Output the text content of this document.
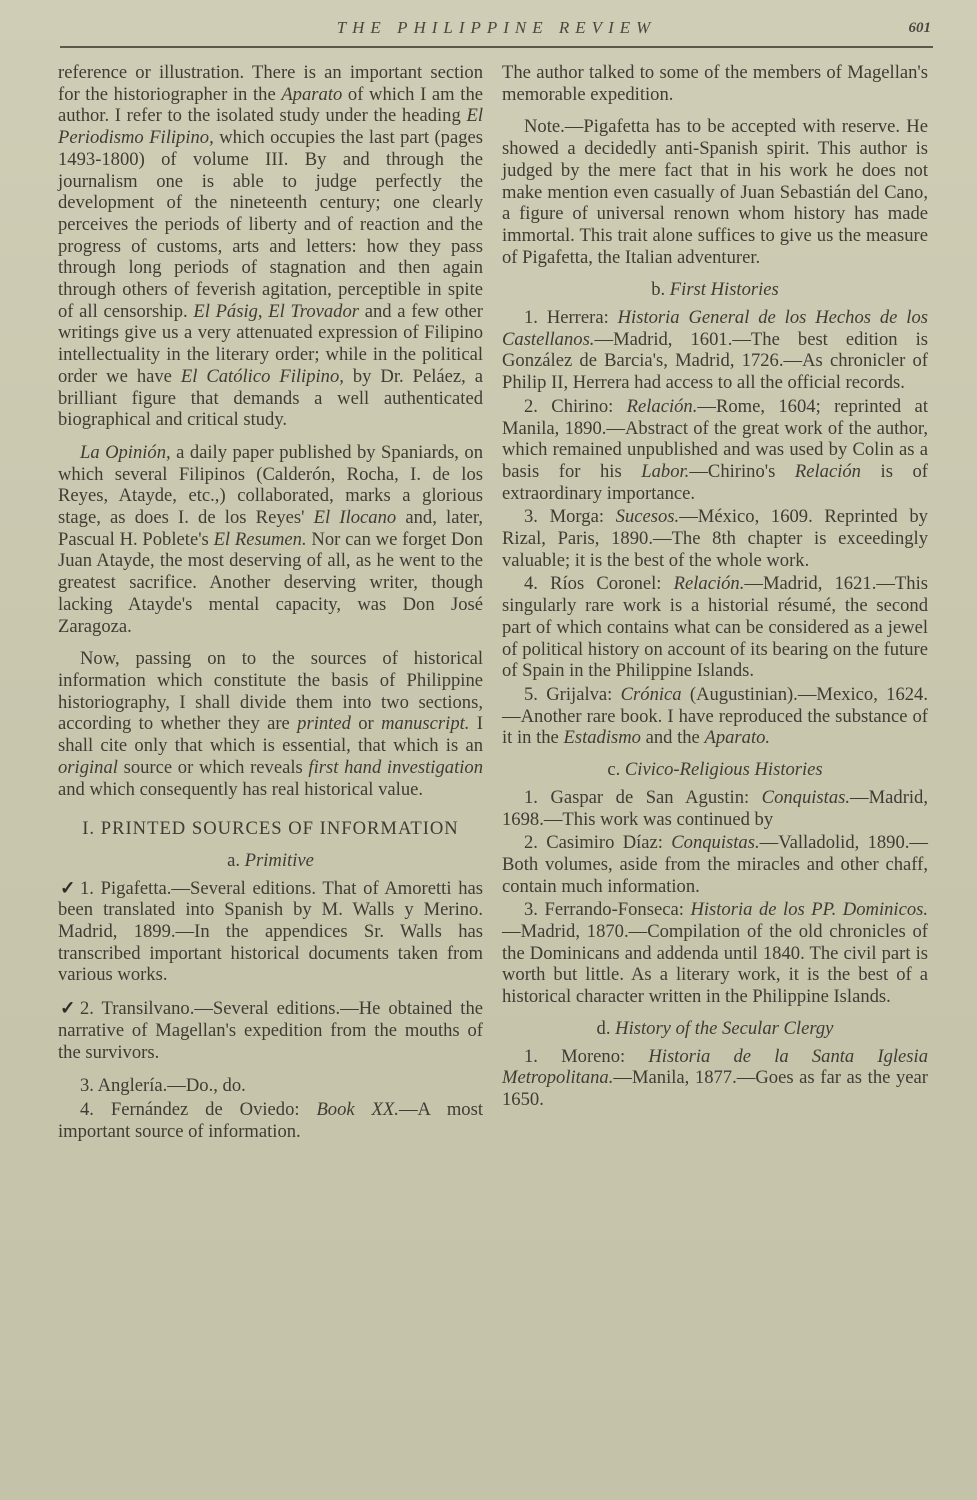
THE PHILIPPINE REVIEW	601

reference or illustration. There is an important section for the historiographer in the Aparato of which I am the author. I refer to the isolated study under the heading El Periodismo Filipino, which occupies the last part (pages 1493-1800) of volume III. By and through the journalism one is able to judge perfectly the development of the nineteenth century; one clearly perceives the periods of liberty and of reaction and the progress of customs, arts and letters: how they pass through long periods of stagnation and then again through others of feverish agitation, perceptible in spite of all censorship. El Pásig, El Trovador and a few other writings give us a very attenuated expression of Filipino intellectuality in the literary order; while in the political order we have El Católico Filipino, by Dr. Peláez, a brilliant figure that demands a well authenticated biographical and critical study.

La Opinión, a daily paper published by Spaniards, on which several Filipinos (Calderón, Rocha, I. de los Reyes, Atayde, etc.,) collaborated, marks a glorious stage, as does I. de los Reyes' El Ilocano and, later, Pascual H. Poblete's El Resumen. Nor can we forget Don Juan Atayde, the most deserving of all, as he went to the greatest sacrifice. Another deserving writer, though lacking Atayde's mental capacity, was Don José Zaragoza.

Now, passing on to the sources of historical information which constitute the basis of Philippine historiography, I shall divide them into two sections, according to whether they are printed or manuscript. I shall cite only that which is essential, that which is an original source or which reveals first hand investigation and which consequently has real historical value.

I. PRINTED SOURCES OF INFORMATION
a. Primitive
✓ 1. Pigafetta.—Several editions. That of Amoretti has been translated into Spanish by M. Walls y Merino. Madrid, 1899.—In the appendices Sr. Walls has transcribed important historical documents taken from various works.
✓ 2. Transilvano.—Several editions.—He obtained the narrative of Magellan's expedition from the mouths of the survivors.
3. Anglería.—Do., do.
4. Fernández de Oviedo: Book XX.—A most important source of information.

The author talked to some of the members of Magellan's memorable expedition.

Note.—Pigafetta has to be accepted with reserve. He showed a decidedly anti-Spanish spirit. This author is judged by the mere fact that in his work he does not make mention even casually of Juan Sebastián del Cano, a figure of universal renown whom history has made immortal. This trait alone suffices to give us the measure of Pigafetta, the Italian adventurer.

b. First Histories
1. Herrera: Historia General de los Hechos de los Castellanos.—Madrid, 1601.—The best edition is González de Barcia's, Madrid, 1726.—As chronicler of Philip II, Herrera had access to all the official records.
2. Chirino: Relación.—Rome, 1604; reprinted at Manila, 1890.—Abstract of the great work of the author, which remained unpublished and was used by Colin as a basis for his Labor.—Chirino's Relación is of extraordinary importance.
3. Morga: Sucesos.—México, 1609. Reprinted by Rizal, Paris, 1890.—The 8th chapter is exceedingly valuable; it is the best of the whole work.
4. Ríos Coronel: Relación.—Madrid, 1621.—This singularly rare work is a historial résumé, the second part of which contains what can be considered as a jewel of political history on account of its bearing on the future of Spain in the Philippine Islands.
5. Grijalva: Crónica (Augustinian).—Mexico, 1624.—Another rare book. I have reproduced the substance of it in the Estadismo and the Aparato.
c. Civico-Religious Histories
1. Gaspar de San Agustin: Conquistas.—Madrid, 1698.—This work was continued by
2. Casimiro Díaz: Conquistas.—Valladolid, 1890.—Both volumes, aside from the miracles and other chaff, contain much information.
3. Ferrando-Fonseca: Historia de los PP. Dominicos.—Madrid, 1870.—Compilation of the old chronicles of the Dominicans and addenda until 1840. The civil part is worth but little. As a literary work, it is the best of a historical character written in the Philippine Islands.
d. History of the Secular Clergy
1. Moreno: Historia de la Santa Iglesia Metropolitana.—Manila, 1877.—Goes as far as the year 1650.
